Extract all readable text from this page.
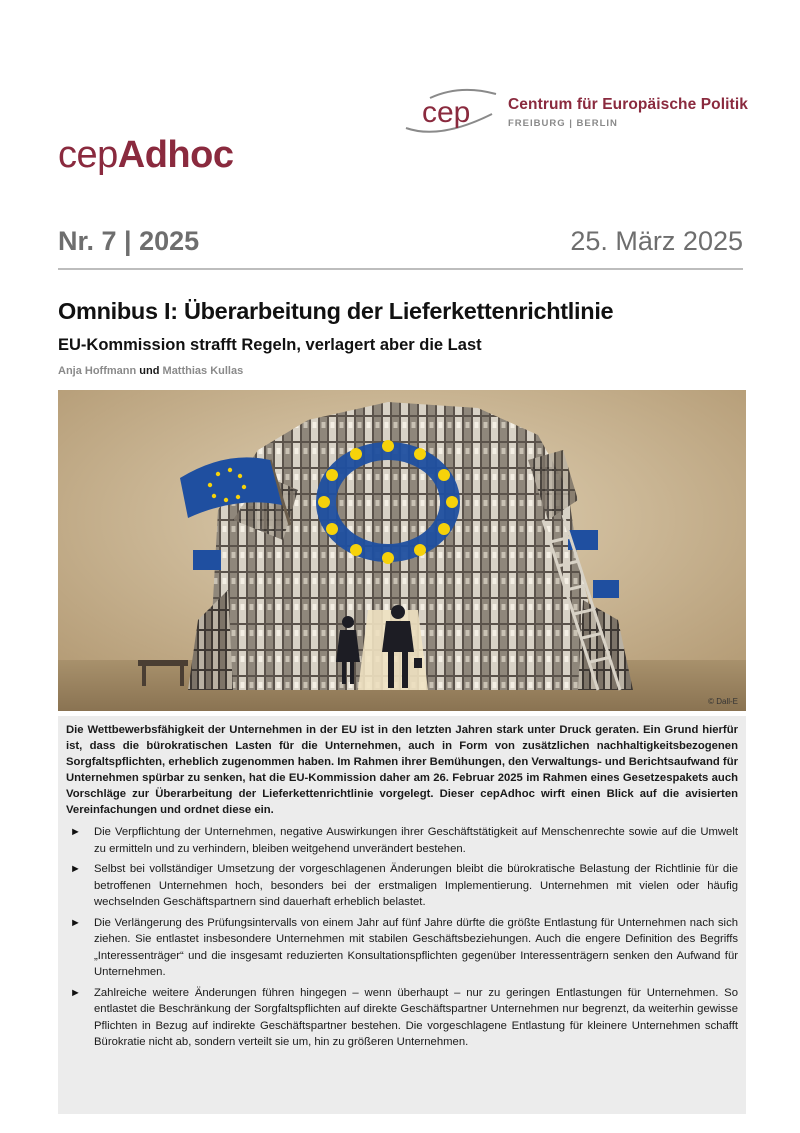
cep Centrum für Europäische Politik
FREIBURG | BERLIN
cepAdhoc
Nr. 7 | 2025	25. März 2025
Omnibus I: Überarbeitung der Lieferkettenrichtlinie
EU-Kommission strafft Regeln, verlagert aber die Last
Anja Hoffmann und Matthias Kullas
© Dall-E

Die Wettbewerbsfähigkeit der Unternehmen in der EU ist in den letzten Jahren stark unter Druck geraten. Ein Grund hierfür ist, dass die bürokratischen Lasten für die Unternehmen, auch in Form von zusätzlichen nachhaltigkeitsbezogenen Sorgfaltspflichten, erheblich zugenommen haben. Im Rahmen ihrer Bemühungen, den Verwaltungs- und Berichtsaufwand für Unternehmen spürbar zu senken, hat die EU-Kommission daher am 26. Februar 2025 im Rahmen eines Gesetzespakets auch Vorschläge zur Überarbeitung der Lieferkettenrichtlinie vorgelegt. Dieser cepAdhoc wirft einen Blick auf die avisierten Vereinfachungen und ordnet diese ein.

► Die Verpflichtung der Unternehmen, negative Auswirkungen ihrer Geschäftstätigkeit auf Menschenrechte sowie auf die Umwelt zu ermitteln und zu verhindern, bleiben weitgehend unverändert bestehen.
► Selbst bei vollständiger Umsetzung der vorgeschlagenen Änderungen bleibt die bürokratische Belastung der Richtlinie für die betroffenen Unternehmen hoch, besonders bei der erstmaligen Implementierung. Unternehmen mit vielen oder häufig wechselnden Geschäftspartnern sind dauerhaft erheblich belastet.
► Die Verlängerung des Prüfungsintervalls von einem Jahr auf fünf Jahre dürfte die größte Entlastung für Unternehmen nach sich ziehen. Sie entlastet insbesondere Unternehmen mit stabilen Geschäftsbeziehungen. Auch die engere Definition des Begriffs „Interessenträger“ und die insgesamt reduzierten Konsultationspflichten gegenüber Interessenträgern senken den Aufwand für Unternehmen.
► Zahlreiche weitere Änderungen führen hingegen – wenn überhaupt – nur zu geringen Entlastungen für Unternehmen. So entlastet die Beschränkung der Sorgfaltspflichten auf direkte Geschäftspartner Unternehmen nur begrenzt, da weiterhin gewisse Pflichten in Bezug auf indirekte Geschäftspartner bestehen. Die vorgeschlagene Entlastung für kleinere Unternehmen schafft Bürokratie nicht ab, sondern verteilt sie um, hin zu größeren Unternehmen.
